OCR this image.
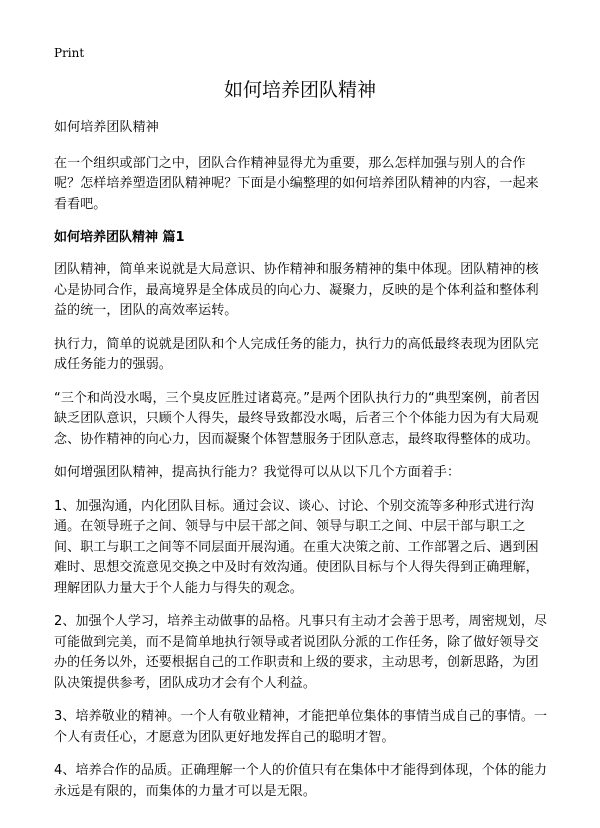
Print
如何培养团队精神

如何培养团队精神

在一个组织或部门之中，团队合作精神显得尤为重要，那么怎样加强与别人的合作呢？怎样培养塑造团队精神呢？下面是小编整理的如何培养团队精神的内容，一起来看看吧。

如何培养团队精神 篇1

团队精神，简单来说就是大局意识、协作精神和服务精神的集中体现。团队精神的核心是协同合作，最高境界是全体成员的向心力、凝聚力，反映的是个体利益和整体利益的统一，团队的高效率运转。

执行力，简单的说就是团队和个人完成任务的能力，执行力的高低最终表现为团队完成任务能力的强弱。

“三个和尚没水喝，三个臭皮匠胜过诸葛亮。”是两个团队执行力的“典型案例，前者因缺乏团队意识，只顾个人得失，最终导致都没水喝，后者三个个体能力因为有大局观念、协作精神的向心力，因而凝聚个体智慧服务于团队意志，最终取得整体的成功。

如何增强团队精神，提高执行能力？我觉得可以从以下几个方面着手：

1、加强沟通，内化团队目标。通过会议、谈心、讨论、个别交流等多种形式进行沟通。在领导班子之间、领导与中层干部之间、领导与职工之间、中层干部与职工之间、职工与职工之间等不同层面开展沟通。在重大决策之前、工作部署之后、遇到困难时、思想交流意见交换之中及时有效沟通。使团队目标与个人得失得到正确理解，理解团队力量大于个人能力与得失的观念。

2、加强个人学习，培养主动做事的品格。凡事只有主动才会善于思考，周密规划，尽可能做到完美，而不是简单地执行领导或者说团队分派的工作任务，除了做好领导交办的任务以外，还要根据自己的工作职责和上级的要求，主动思考，创新思路，为团队决策提供参考，团队成功才会有个人利益。

3、培养敬业的精神。一个人有敬业精神，才能把单位集体的事情当成自己的事情。一个人有责任心，才愿意为团队更好地发挥自己的聪明才智。

4、培养合作的品质。正确理解一个人的价值只有在集体中才能得到体现，个体的能力永远是有限的，而集体的力量才可以是无限。
